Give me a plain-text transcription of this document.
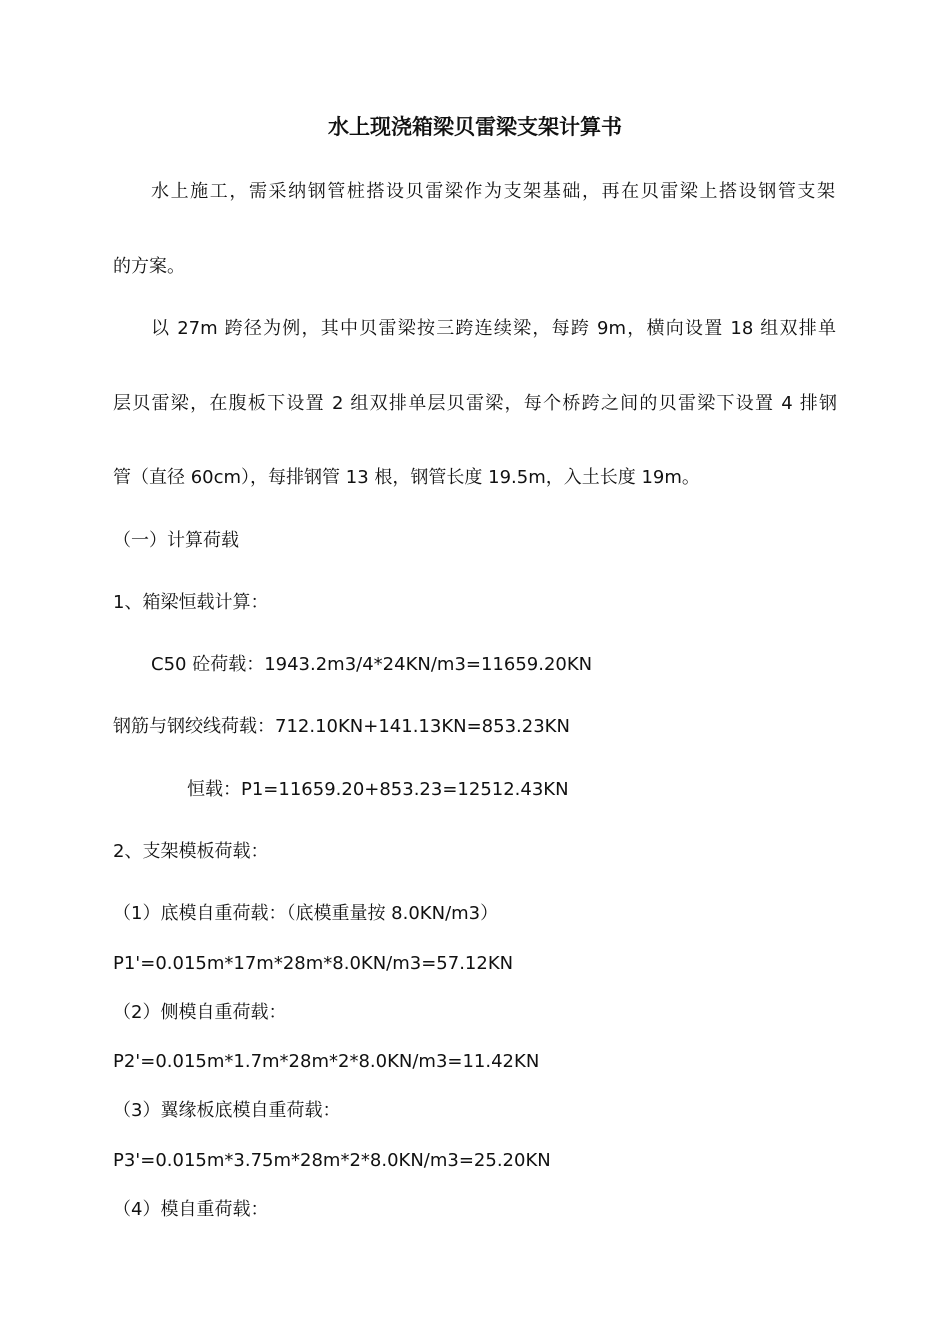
水上现浇箱梁贝雷梁支架计算书
水上施工，需采纳钢管桩搭设贝雷梁作为支架基础，再在贝雷梁上搭设钢管支架
的方案。
以 27m 跨径为例，其中贝雷梁按三跨连续梁，每跨 9m，横向设置 18 组双排单
层贝雷梁，在腹板下设置 2 组双排单层贝雷梁，每个桥跨之间的贝雷梁下设置 4 排钢
管（直径 60cm），每排钢管 13 根，钢管长度 19.5m，入土长度 19m。
（一）计算荷载
1、箱梁恒载计算：
C50 砼荷载：1943.2m3/4*24KN/m3=11659.20KN
钢筋与钢绞线荷载：712.10KN+141.13KN=853.23KN
恒载：P1=11659.20+853.23=12512.43KN
2、支架模板荷载：
（1）底模自重荷载：（底模重量按 8.0KN/m3）
P1'=0.015m*17m*28m*8.0KN/m3=57.12KN
（2）侧模自重荷载：
P2'=0.015m*1.7m*28m*2*8.0KN/m3=11.42KN
（3）翼缘板底模自重荷载：
P3'=0.015m*3.75m*28m*2*8.0KN/m3=25.20KN
（4）模自重荷载：
